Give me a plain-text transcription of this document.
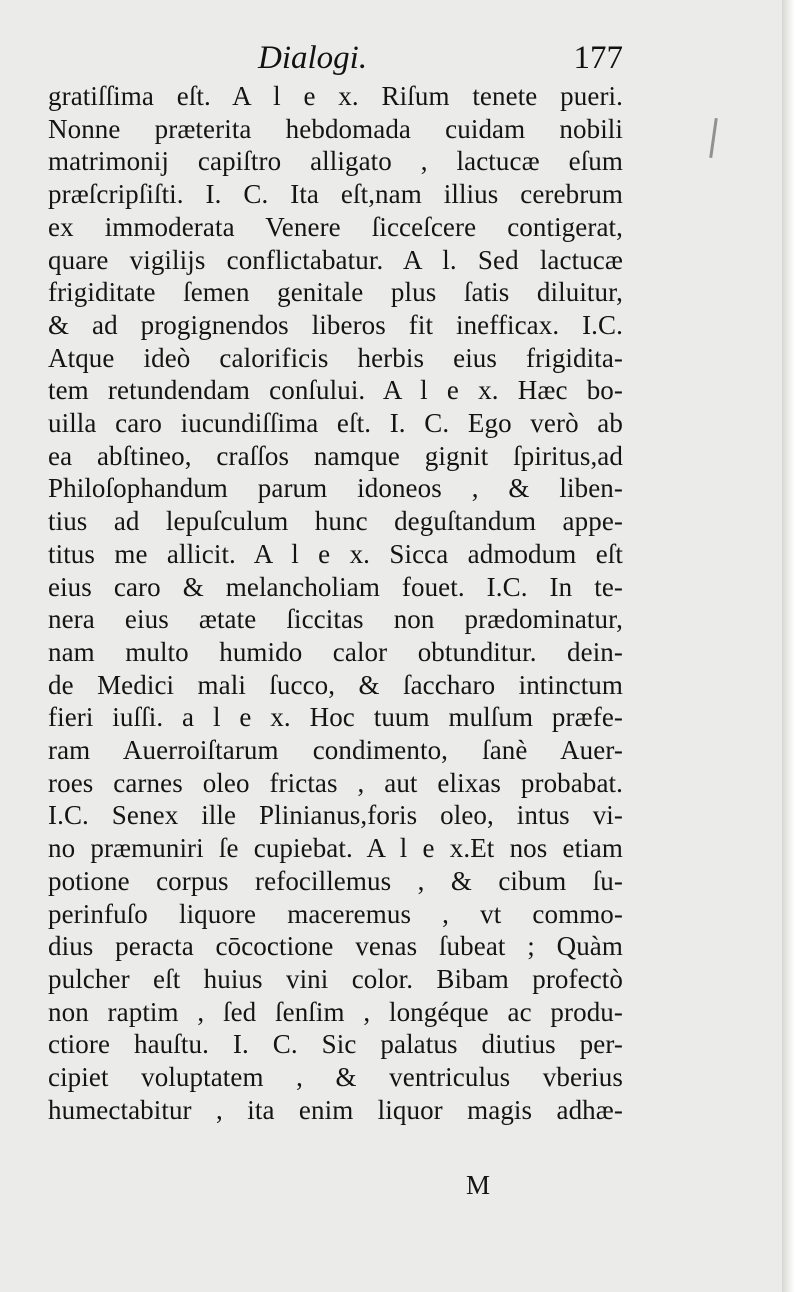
Dialogi.	177
gratiſſima eſt. A l e x. Riſum tenete pueri.
Nonne præterita hebdomada cuidam nobili
matrimonij capiſtro alligato , lactucæ eſum
præſcripſiſti. I. C. Ita eſt,nam illius cerebrum
ex immoderata Venere ſicceſcere contigerat,
quare vigilijs conflictabatur. A l. Sed lactucæ
frigiditate ſemen genitale plus ſatis diluitur,
& ad progignendos liberos fit inefficax. I.C.
Atque ideò calorificis herbis eius frigidita-
tem retundendam conſului. A l e x. Hæc bo-
uilla caro iucundiſſima eſt. I. C. Ego verò ab
ea abſtineo, craſſos namque gignit ſpiritus,ad
Philoſophandum parum idoneos , & liben-
tius ad lepuſculum hunc deguſtandum appe-
titus me allicit. A l e x. Sicca admodum eſt
eius caro & melancholiam fouet. I.C. In te-
nera eius ætate ſiccitas non prædominatur,
nam multo humido calor obtunditur. dein-
de Medici mali ſucco, & ſaccharo intinctum
fieri iuſſi. a l e x. Hoc tuum mulſum præfe-
ram Auerroiſtarum condimento, ſanè Auer-
roes carnes oleo frictas , aut elixas probabat.
I.C. Senex ille Plinianus,foris oleo, intus vi-
no præmuniri ſe cupiebat. A l e x.Et nos etiam
potione corpus refocillemus , & cibum ſu-
perinfuſo liquore maceremus , vt commo-
dius peracta cōcoctione venas ſubeat ; Quàm
pulcher eſt huius vini color. Bibam profectò
non raptim , ſed ſenſim , longéque ac produ-
ctiore hauſtu. I. C. Sic palatus diutius per-
cipiet voluptatem , & ventriculus vberius
humectabitur , ita enim liquor magis adhæ-
M
